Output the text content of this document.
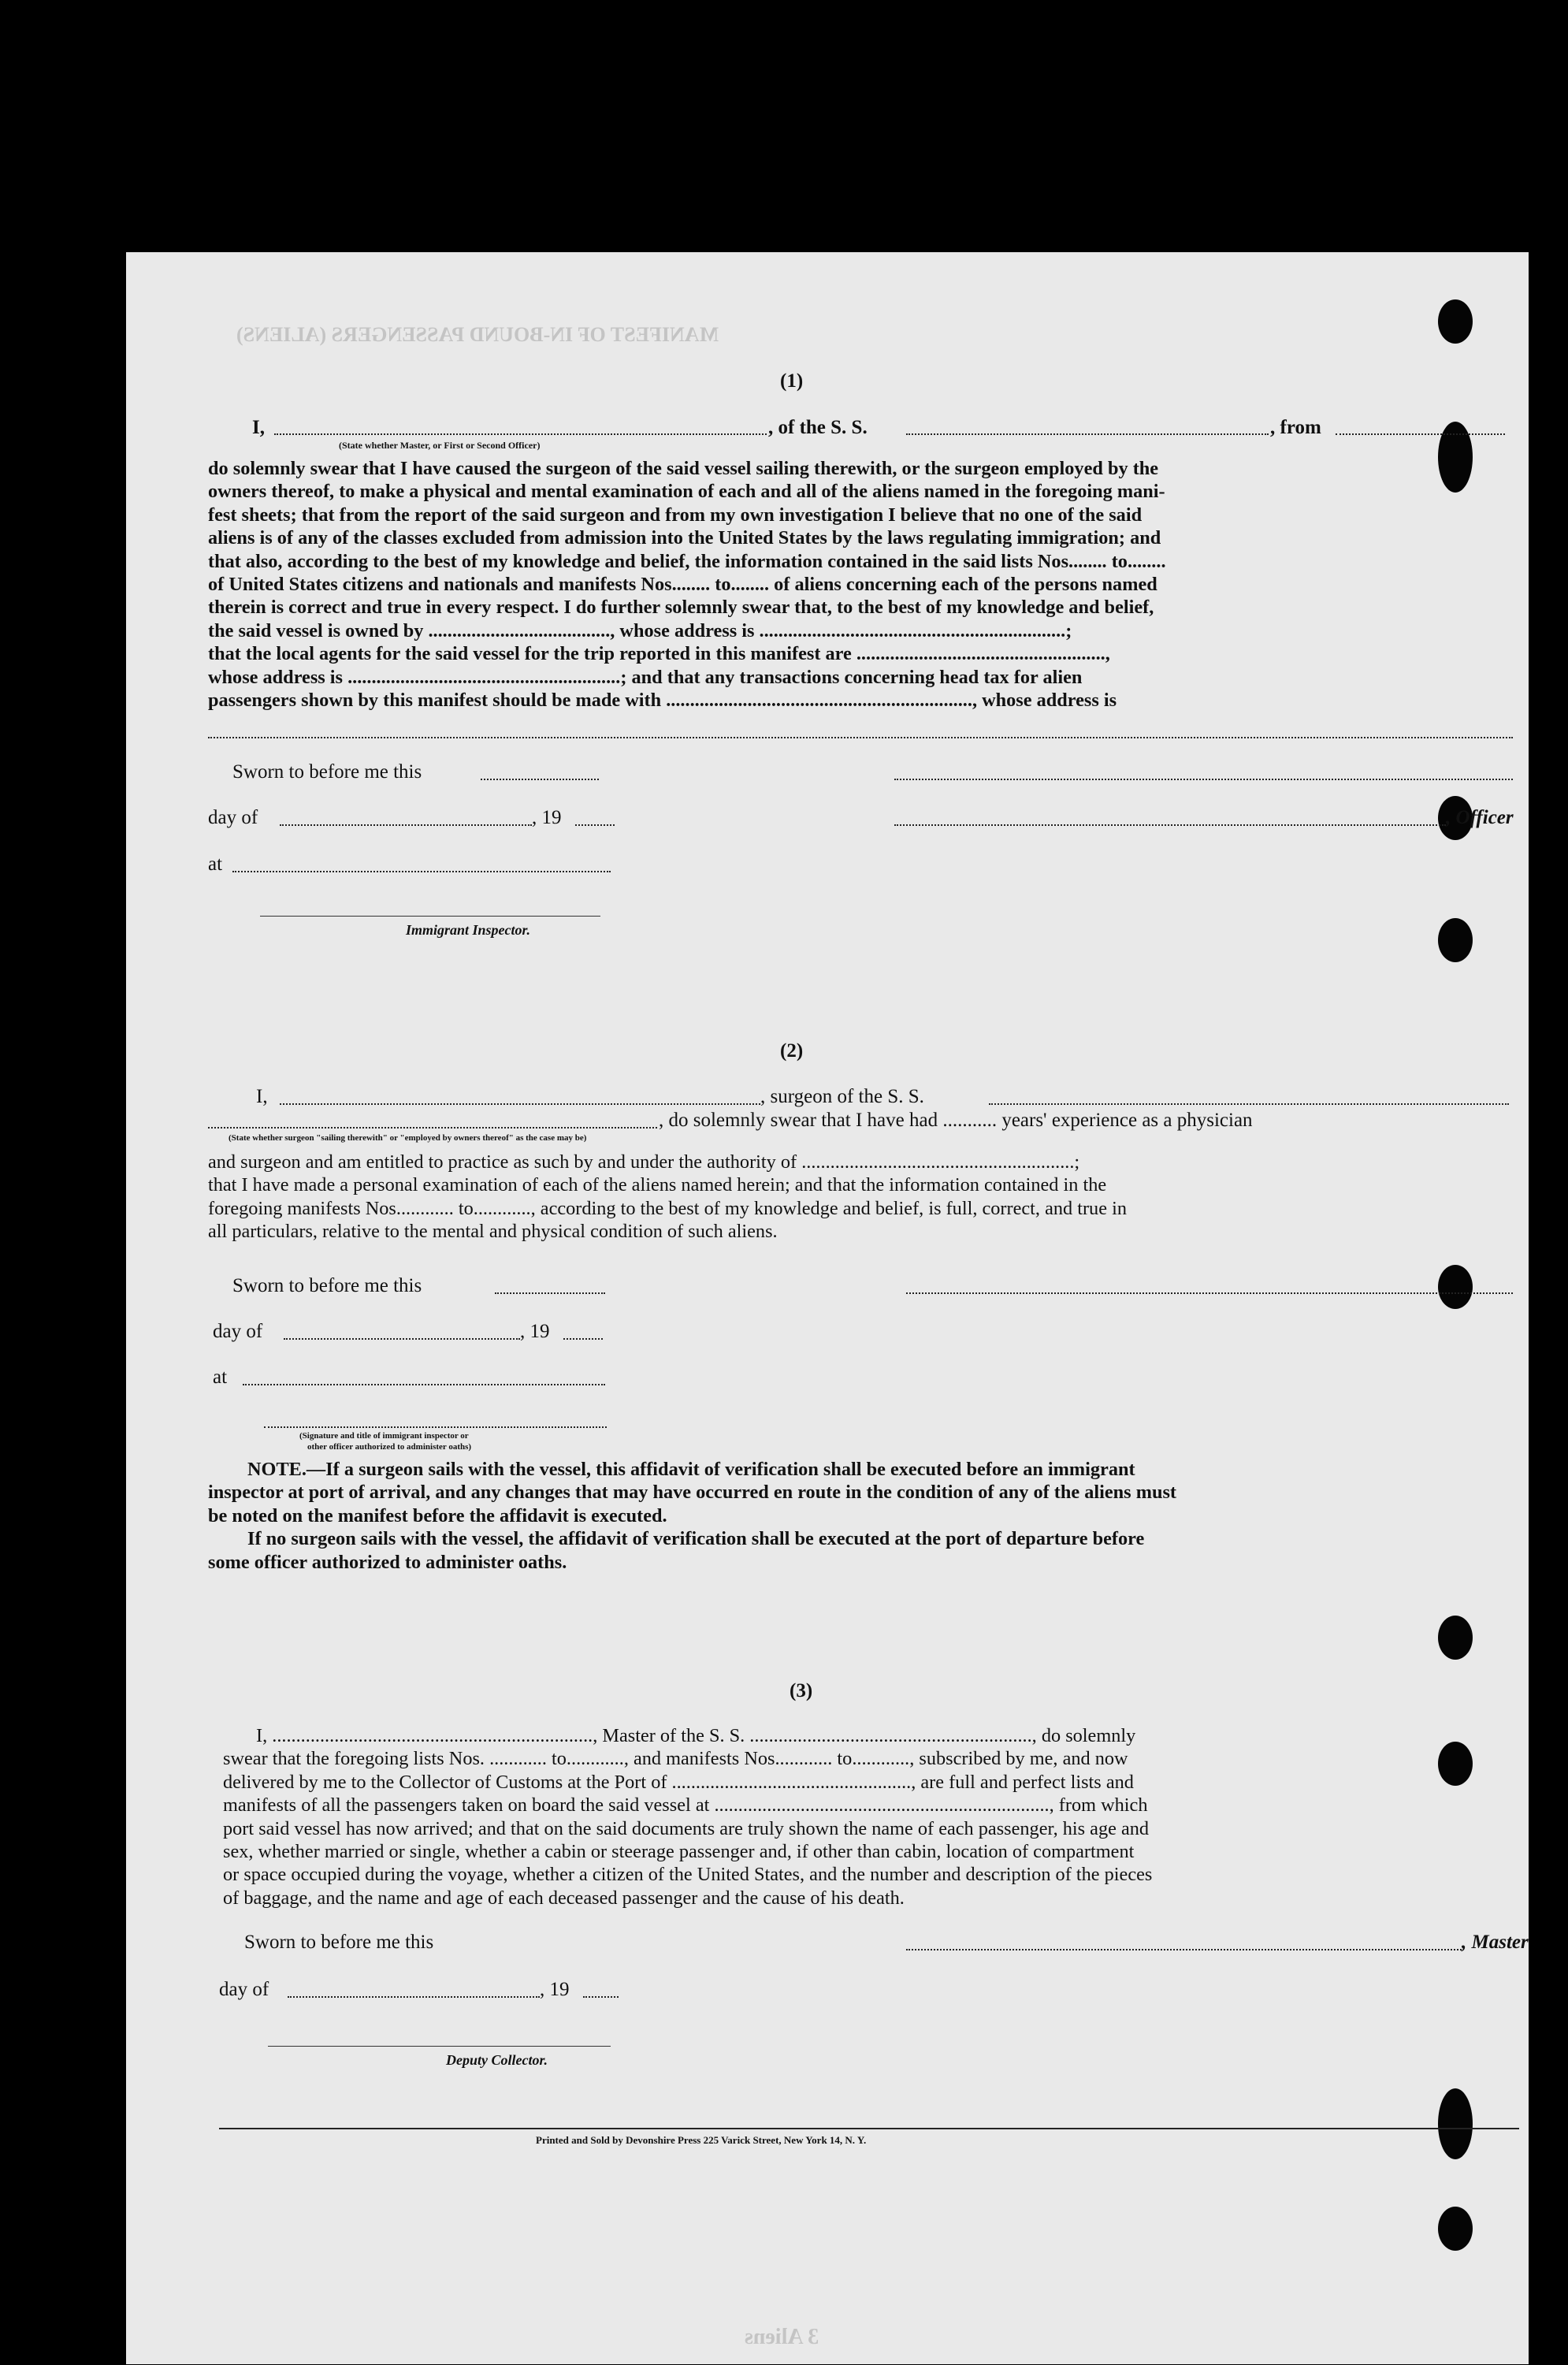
MANIFEST OF IN-BOUND PASSENGERS (ALIENS)
(1)
I,	, of the S. S.	, from
(State whether Master, or First or Second Officer)
do solemnly swear that I have caused the surgeon of the said vessel sailing therewith, or the surgeon employed by the
owners thereof, to make a physical and mental examination of each and all of the aliens named in the foregoing mani-
fest sheets; that from the report of the said surgeon and from my own investigation I believe that no one of the said
aliens is of any of the classes excluded from admission into the United States by the laws regulating immigration; and
that also, according to the best of my knowledge and belief, the information contained in the said lists Nos........ to........
of United States citizens and nationals and manifests Nos........ to........ of aliens concerning each of the persons named
therein is correct and true in every respect. I do further solemnly swear that, to the best of my knowledge and belief,
the said vessel is owned by ......................................, whose address is ................................................................;
that the local agents for the said vessel for the trip reported in this manifest are ....................................................,
whose address is .........................................................; and that any transactions concerning head tax for alien
passengers shown by this manifest should be made with ................................................................, whose address is
Sworn to before me this
day of	, 19	, Officer
at
Immigrant Inspector.
(2)
I,	, surgeon of the S. S.
, do solemnly swear that I have had ........... years' experience as a physician
(State whether surgeon "sailing therewith" or "employed by owners thereof" as the case may be)
and surgeon and am entitled to practice as such by and under the authority of .........................................................;
that I have made a personal examination of each of the aliens named herein; and that the information contained in the
foregoing manifests Nos............ to............, according to the best of my knowledge and belief, is full, correct, and true in
all particulars, relative to the mental and physical condition of such aliens.
Sworn to before me this
day of	, 19
at
(Signature and title of immigrant inspector or
other officer authorized to administer oaths)
NOTE.—If a surgeon sails with the vessel, this affidavit of verification shall be executed before an immigrant
inspector at port of arrival, and any changes that may have occurred en route in the condition of any of the aliens must
be noted on the manifest before the affidavit is executed.
If no surgeon sails with the vessel, the affidavit of verification shall be executed at the port of departure before
some officer authorized to administer oaths.
(3)
I, ..................................................................., Master of the S. S. ..........................................................., do solemnly
swear that the foregoing lists Nos. ............ to............, and manifests Nos............ to............, subscribed by me, and now
delivered by me to the Collector of Customs at the Port of .................................................., are full and perfect lists and
manifests of all the passengers taken on board the said vessel at ......................................................................, from which
port said vessel has now arrived; and that on the said documents are truly shown the name of each passenger, his age and
sex, whether married or single, whether a cabin or steerage passenger and, if other than cabin, location of compartment
or space occupied during the voyage, whether a citizen of the United States, and the number and description of the pieces
of baggage, and the name and age of each deceased passenger and the cause of his death.
Sworn to before me this	, Master
day of	, 19
Deputy Collector.
Printed and Sold by Devonshire Press 225 Varick Street, New York 14, N. Y.
3 Aliens
